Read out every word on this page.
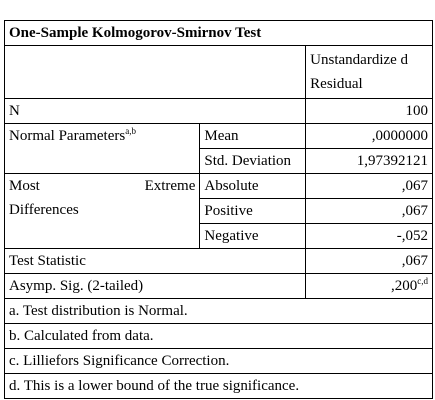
One-Sample Kolmogorov-Smirnov Test		
		Unstandardize d Residual
N		100
Normal Parameters$^{a,b}$	Mean	,0000000
	Std. Deviation	1,97392121

Most Extreme
Differences	Absolute	,067
	Positive	,067
	Negative	-,052
Test Statistic		,067
Asymp. Sig. (2-tailed)		,200$^{c,d}$
a. Test distribution is Normal.		
b. Calculated from data.		
c. Lilliefors Significance Correction.		
d. This is a lower bound of the true significance.		
